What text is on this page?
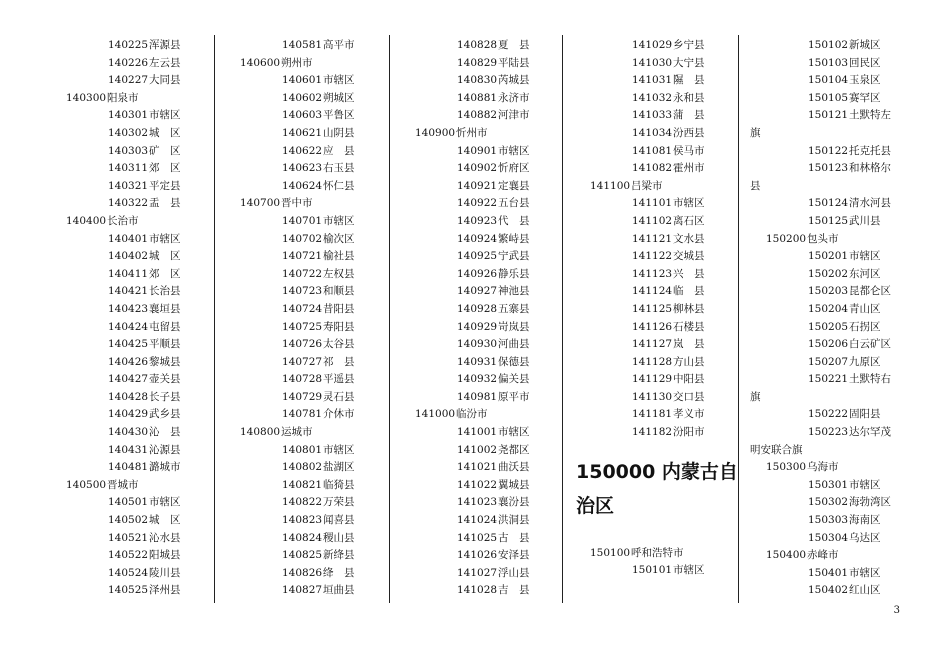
140225浑源县
140226左云县
140227大同县
140300阳泉市
140301市辖区
140302城　区
140303矿　区
140311郊　区
140321平定县
140322盂　县
140400长治市
140401市辖区
140402城　区
140411郊　区
140421长治县
140423襄垣县
140424屯留县
140425平顺县
140426黎城县
140427壶关县
140428长子县
140429武乡县
140430沁　县
140431沁源县
140481潞城市
140500晋城市
140501市辖区
140502城　区
140521沁水县
140522阳城县
140524陵川县
140525泽州县
140581高平市
140600朔州市
140601市辖区
140602朔城区
140603平鲁区
140621山阴县
140622应　县
140623右玉县
140624怀仁县
140700晋中市
140701市辖区
140702榆次区
140721榆社县
140722左权县
140723和顺县
140724昔阳县
140725寿阳县
140726太谷县
140727祁　县
140728平遥县
140729灵石县
140781介休市
140800运城市
140801市辖区
140802盐湖区
140821临猗县
140822万荣县
140823闻喜县
140824稷山县
140825新绛县
140826绛　县
140827垣曲县
140828夏　县
140829平陆县
140830芮城县
140881永济市
140882河津市
140900忻州市
140901市辖区
140902忻府区
140921定襄县
140922五台县
140923代　县
140924繁峙县
140925宁武县
140926静乐县
140927神池县
140928五寨县
140929岢岚县
140930河曲县
140931保德县
140932偏关县
140981原平市
141000临汾市
141001市辖区
141002尧都区
141021曲沃县
141022翼城县
141023襄汾县
141024洪洞县
141025古　县
141026安泽县
141027浮山县
141028吉　县
141029乡宁县
141030大宁县
141031隰　县
141032永和县
141033蒲　县
141034汾西县
141081侯马市
141082霍州市
141100吕梁市
141101市辖区
141102离石区
141121文水县
141122交城县
141123兴　县
141124临　县
141125柳林县
141126石楼县
141127岚　县
141128方山县
141129中阳县
141130交口县
141181孝义市
141182汾阳市
150000 内蒙古自
治区
150100呼和浩特市
150101市辖区
150102新城区
150103回民区
150104玉泉区
150105赛罕区
150121土默特左
旗
150122托克托县
150123和林格尔
县
150124清水河县
150125武川县
150200包头市
150201市辖区
150202东河区
150203昆都仑区
150204青山区
150205石拐区
150206白云矿区
150207九原区
150221土默特右
旗
150222固阳县
150223达尔罕茂
明安联合旗
150300乌海市
150301市辖区
150302海勃湾区
150303海南区
150304乌达区
150400赤峰市
150401市辖区
150402红山区
3
